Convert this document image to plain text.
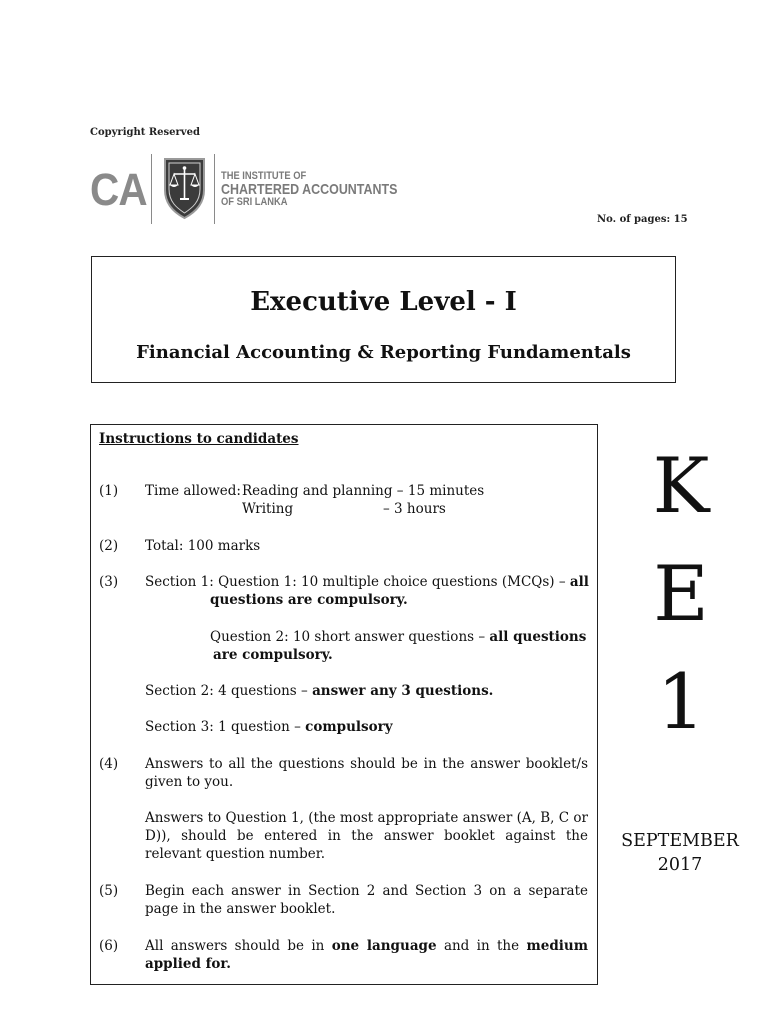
Copyright Reserved
CA	THE INSTITUTE OF
CHARTERED ACCOUNTANTS
OF SRI LANKA
No. of pages: 15
Executive Level - I
Financial Accounting & Reporting Fundamentals
Instructions to candidates
(1) Time allowed: Reading and planning – 15 minutes
Writing	– 3 hours
(2) Total: 100 marks
(3) Section 1: Question 1: 10 multiple choice questions (MCQs) – all
questions are compulsory.
Question 2: 10 short answer questions – all questions
are compulsory.
Section 2: 4 questions – answer any 3 questions.
Section 3: 1 question – compulsory
(4) Answers to all the questions should be in the answer booklet/s given to you.
Answers to Question 1, (the most appropriate answer (A, B, C or D)), should be entered in the answer booklet against the relevant question number.
(5) Begin each answer in Section 2 and Section 3 on a separate page in the answer booklet.
(6) All answers should be in one language and in the medium applied for.
K
E
1
SEPTEMBER
2017
